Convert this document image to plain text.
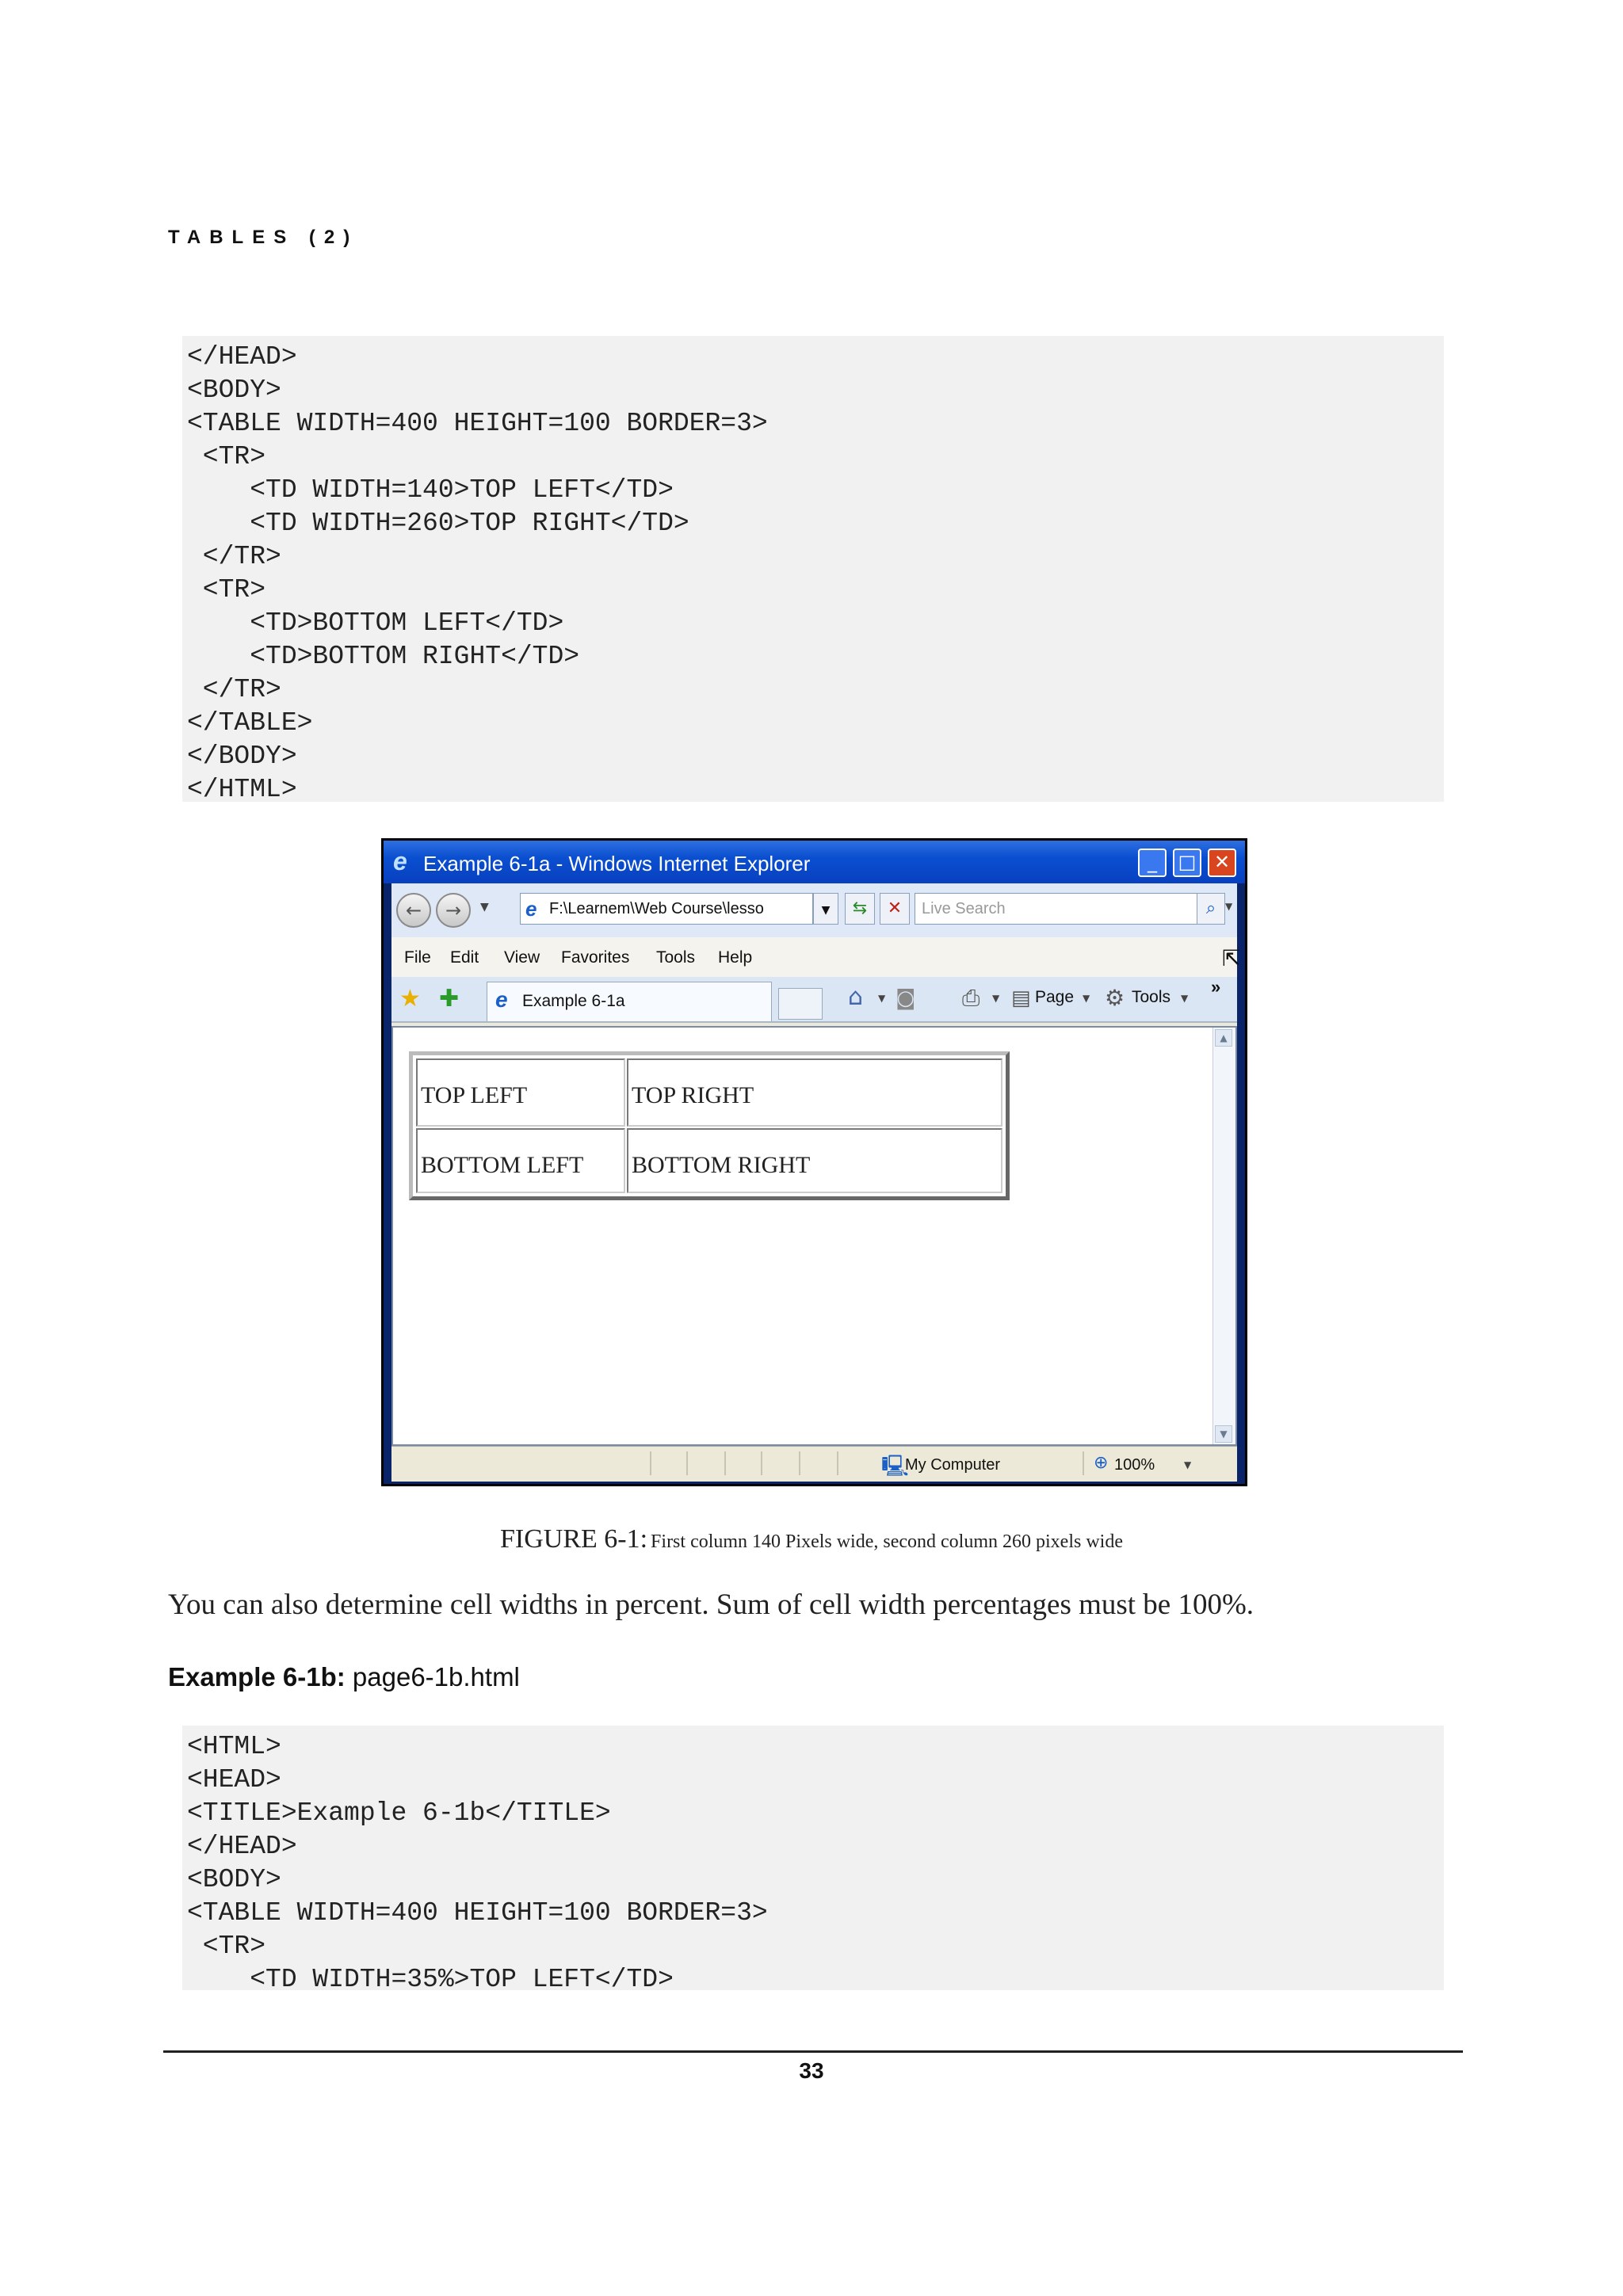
TABLES (2)
</HEAD>
<BODY>
<TABLE WIDTH=400 HEIGHT=100 BORDER=3>
<TR>
<TD WIDTH=140>TOP LEFT</TD>
<TD WIDTH=260>TOP RIGHT</TD>
</TR>
<TR>
<TD>BOTTOM LEFT</TD>
<TD>BOTTOM RIGHT</TD>
</TR>
</TABLE>
</BODY>
</HTML>
e Example 6-1a - Windows Internet Explorer	_	□ ✕
←	→	▼ e F:\Learnem\Web Course\lesso	▼	⇆	✕	Live Search	⌕ ▼
File Edit View Favorites Tools Help	⇱
★ ✚ e Example 6-1a	⌂ ▼ ◙ ⎙ ▼ ▤ Page ▼ ⚙ Tools ▼
»
TOP LEFT	TOP RIGHT
BOTTOM LEFT	BOTTOM RIGHT
▲
▼
🖳
My Computer	⊕ 100%	▼
FIGURE 6-1: First column 140 Pixels wide, second column 260 pixels wide
You can also determine cell widths in percent. Sum of cell width percentages must be 100%.
Example 6-1b: page6-1b.html
<HTML>
<HEAD>
<TITLE>Example 6-1b</TITLE>
</HEAD>
<BODY>
<TABLE WIDTH=400 HEIGHT=100 BORDER=3>
<TR>
<TD WIDTH=35%>TOP LEFT</TD>
33
